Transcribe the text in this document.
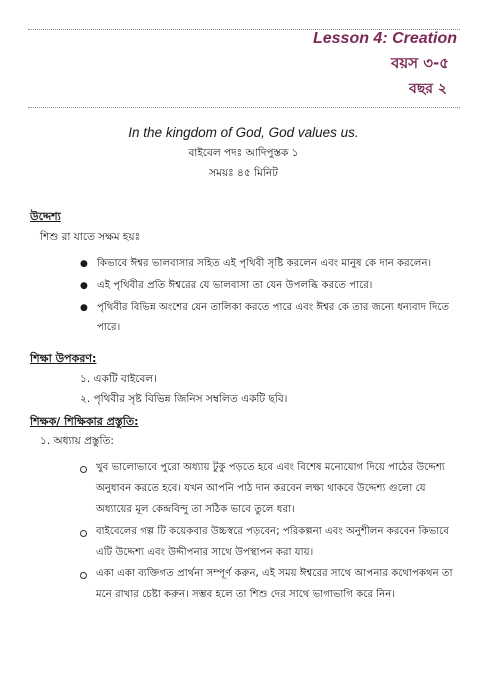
Lesson 4: Creation
বয়স ৩-৫
বছর ২
In the kingdom of God, God values us.
বাইবেল পদঃ আদিপুস্তক ১
সময়ঃ ৪৫ মিনিট
উদ্দেশ্য
শিশু রা যাতে সক্ষম হয়ঃ
● কিভাবে ঈশ্বর ভালবাসার সহিত এই পৃথিবী সৃষ্টি করলেন এবং মানুষ কে দান করলেন।
● এই পৃথিবীর প্রতি ঈশ্বরের যে ভালবাসা তা যেন উপলব্ধি করতে পারে।
● পৃথিবীর বিভিন্ন অংশের যেন তালিকা করতে পারে এবং ঈশ্বর কে তার জন্যে ধন্যবাদ দিতে
পারে।
শিক্ষা উপকরণ:
১. একটি বাইবেল।
২. পৃথিবীর সৃষ্ট বিভিন্ন জিনিস সম্বলিত একটি ছবি।
শিক্ষক/ শিক্ষিকার প্রস্তুতি:
১. অধ্যায় প্রস্তুতি:
খুব ভালোভাবে পুরো অধ্যায় টুকু পড়তে হবে এবং বিশেষ মনোযোগ দিয়ে পাঠের উদ্দেশ্য
অনুধাবন করতে হবে। যখন আপনি পাঠ দান করবেন লক্ষ্য থাকবে উদ্দেশ্য গুলো যে
অধ্যায়ের মূল কেন্দ্রবিন্দু তা সঠিক ভাবে তুলে ধরা।
বাইবেলের গল্প টি কয়েকবার উচ্চস্বরে পড়বেন; পরিকল্পনা এবং অনুশীলন করবেন কিভাবে
এটি উদ্দেশ্য এবং উদ্দীপনার সাথে উপস্থাপন করা যায়।
একা একা ব্যক্তিগত প্রার্থনা সম্পূর্ণ করুন, এই সময় ঈশ্বরের সাথে আপনার কথোপকথন তা
মনে রাখার চেষ্টা করুন। সম্ভব হলে তা শিশু দের সাথে ভাগাভাগি করে নিন।
